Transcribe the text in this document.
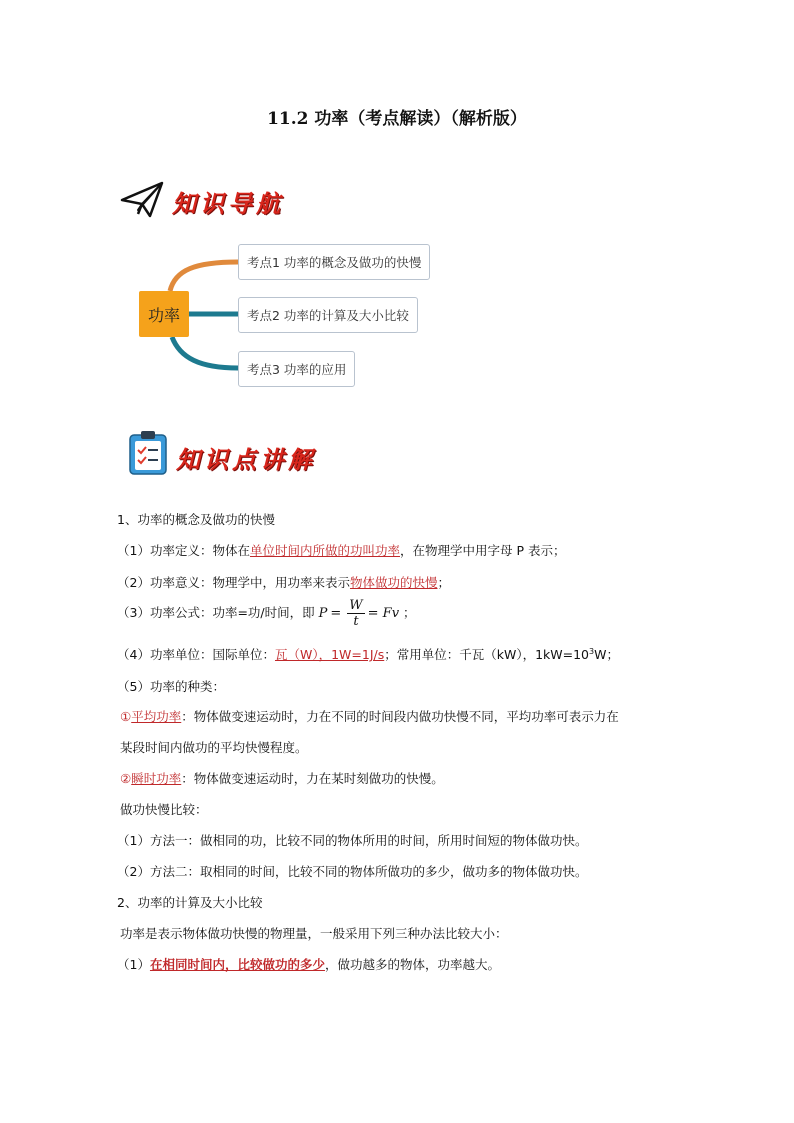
11.2 功率（考点解读）（解析版）
知识导航
功率
考点1 功率的概念及做功的快慢
考点2 功率的计算及大小比较
考点3 功率的应用
知识点讲解
1、功率的概念及做功的快慢
（1）功率定义：物体在单位时间内所做的功叫功率，在物理学中用字母 P 表示；
（2）功率意义：物理学中，用功率来表示物体做功的快慢；
（3）功率公式：功率=功/时间，即 $P = \frac{W}{t} = Fv$ ；
（4）功率单位：国际单位：瓦（W），1W=1J/s；常用单位：千瓦（kW），$1kW=10^3W$；
（5）功率的种类：
①平均功率：物体做变速运动时，力在不同的时间段内做功快慢不同，平均功率可表示力在
某段时间内做功的平均快慢程度。
②瞬时功率：物体做变速运动时，力在某时刻做功的快慢。
做功快慢比较：
（1）方法一：做相同的功，比较不同的物体所用的时间，所用时间短的物体做功快。
（2）方法二：取相同的时间，比较不同的物体所做功的多少，做功多的物体做功快。
2、功率的计算及大小比较
功率是表示物体做功快慢的物理量，一般采用下列三种办法比较大小：
（1）在相同时间内，比较做功的多少，做功越多的物体，功率越大。
